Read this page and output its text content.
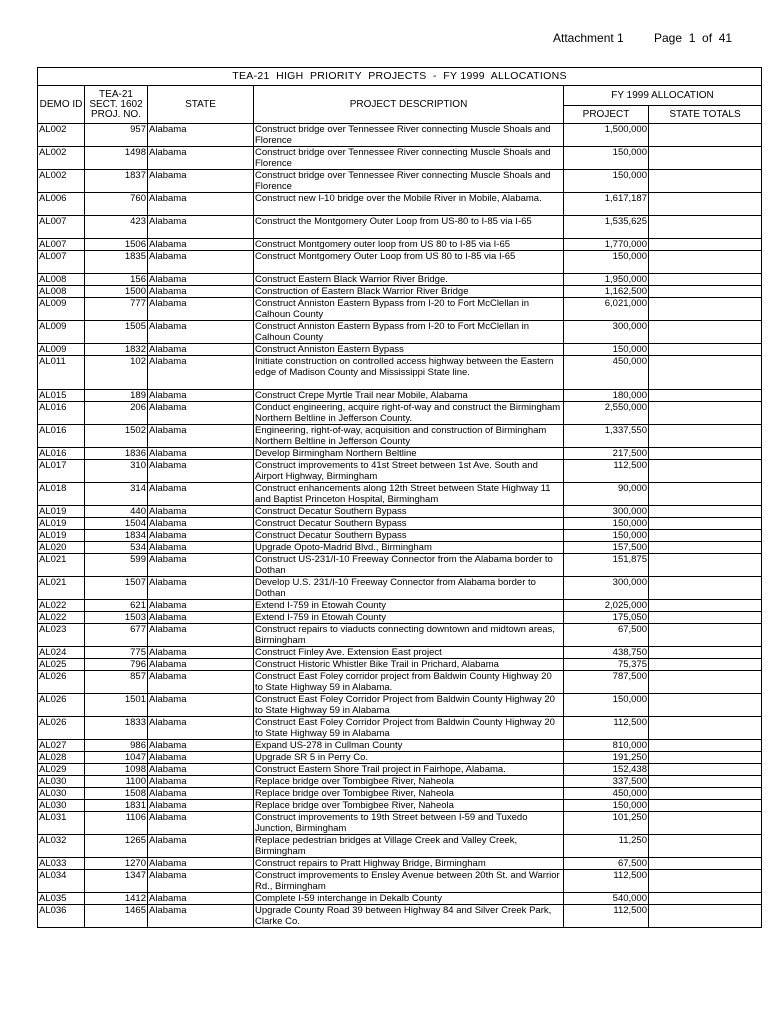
Attachment 1	Page  1  of  41
TEA-21  HIGH  PRIORITY  PROJECTS  -  FY 1999  ALLOCATIONS					
DEMO ID	TEA-21
SECT. 1602
PROJ. NO.	STATE	PROJECT DESCRIPTION	FY 1999 ALLOCATION	
				PROJECT	STATE TOTALS
AL002	957	Alabama	Construct bridge over Tennessee River connecting Muscle Shoals and Florence	1,500,000	
AL002	1498	Alabama	Construct bridge over Tennessee River connecting Muscle Shoals and Florence	150,000	
AL002	1837	Alabama	Construct bridge over Tennessee River connecting Muscle Shoals and Florence	150,000	
AL006	760	Alabama	Construct new I-10 bridge over the Mobile River in Mobile, Alabama.	1,617,187	
AL007	423	Alabama	Construct the Montgomery Outer Loop from US-80 to I-85 via I-65	1,535,625	
AL007	1506	Alabama	Construct Montgomery outer loop from US 80 to I-85 via I-65	1,770,000	
AL007	1835	Alabama	Construct Montgomery Outer Loop from US 80 to I-85 via I-65	150,000	
AL008	156	Alabama	Construct Eastern Black Warrior River Bridge.	1,950,000	
AL008	1500	Alabama	Construction of Eastern Black Warrior River Bridge	1,162,500	
AL009	777	Alabama	Construct Anniston Eastern Bypass from I-20 to Fort McClellan in Calhoun County	6,021,000	
AL009	1505	Alabama	Construct Anniston Eastern Bypass from I-20 to Fort McClellan in Calhoun County	300,000	
AL009	1832	Alabama	Construct Anniston Eastern Bypass	150,000	
AL011	102	Alabama	Initiate construction on controlled access highway between the Eastern edge of Madison County and Mississippi State line.	450,000	
AL015	189	Alabama	Construct Crepe Myrtle Trail near Mobile, Alabama	180,000	
AL016	206	Alabama	Conduct engineering, acquire right-of-way and construct the Birmingham Northern Beltline in Jefferson County.	2,550,000	
AL016	1502	Alabama	Engineering, right-of-way, acquisition and construction of Birmingham Northern Beltline in Jefferson County	1,337,550	
AL016	1836	Alabama	Develop Birmingham Northern Beltline	217,500	
AL017	310	Alabama	Construct improvements to 41st Street between 1st Ave. South and Airport Highway, Birmingham	112,500	
AL018	314	Alabama	Construct enhancements along 12th Street between State Highway 11 and Baptist Princeton Hospital, Birmingham	90,000	
AL019	440	Alabama	Construct Decatur Southern Bypass	300,000	
AL019	1504	Alabama	Construct Decatur Southern Bypass	150,000	
AL019	1834	Alabama	Construct Decatur Southern Bypass	150,000	
AL020	534	Alabama	Upgrade Opoto-Madrid Blvd., Birmingham	157,500	
AL021	599	Alabama	Construct US-231/I-10 Freeway Connector from the Alabama border to Dothan	151,875	
AL021	1507	Alabama	Develop U.S. 231/I-10 Freeway Connector from Alabama border to Dothan	300,000	
AL022	621	Alabama	Extend I-759 in Etowah County	2,025,000	
AL022	1503	Alabama	Extend I-759 in Etowah County	175,050	
AL023	677	Alabama	Construct repairs to viaducts connecting downtown and midtown areas, Birmingham	67,500	
AL024	775	Alabama	Construct Finley Ave. Extension East project	438,750	
AL025	796	Alabama	Construct Historic Whistler Bike Trail in Prichard, Alabama	75,375	
AL026	857	Alabama	Construct East Foley corridor project from Baldwin County Highway 20 to State Highway 59 in Alabama.	787,500	
AL026	1501	Alabama	Construct East Foley Corridor Project from Baldwin County Highway 20 to State Highway 59 in Alabama	150,000	
AL026	1833	Alabama	Construct East Foley Corridor Project from Baldwin County Highway 20 to State Highway 59 in Alabama	112,500	
AL027	986	Alabama	Expand US-278 in Cullman County	810,000	
AL028	1047	Alabama	Upgrade SR 5 in Perry Co.	191,250	
AL029	1098	Alabama	Construct Eastern Shore Trail project in Fairhope, Alabama.	152,438	
AL030	1100	Alabama	Replace bridge over Tombigbee River, Naheola	337,500	
AL030	1508	Alabama	Replace bridge over Tombigbee River, Naheola	450,000	
AL030	1831	Alabama	Replace bridge over Tombigbee River, Naheola	150,000	
AL031	1106	Alabama	Construct improvements to 19th Street between I-59 and Tuxedo Junction, Birmingham	101,250	
AL032	1265	Alabama	Replace pedestrian bridges at Village Creek and Valley Creek, Birmingham	11,250	
AL033	1270	Alabama	Construct repairs to Pratt Highway Bridge, Birmingham	67,500	
AL034	1347	Alabama	Construct improvements to Ensley Avenue between 20th St. and Warrior Rd., Birmingham	112,500	
AL035	1412	Alabama	Complete I-59 interchange in Dekalb County	540,000	
AL036	1465	Alabama	Upgrade County Road 39 between Highway 84 and Silver Creek Park, Clarke Co.	112,500	
